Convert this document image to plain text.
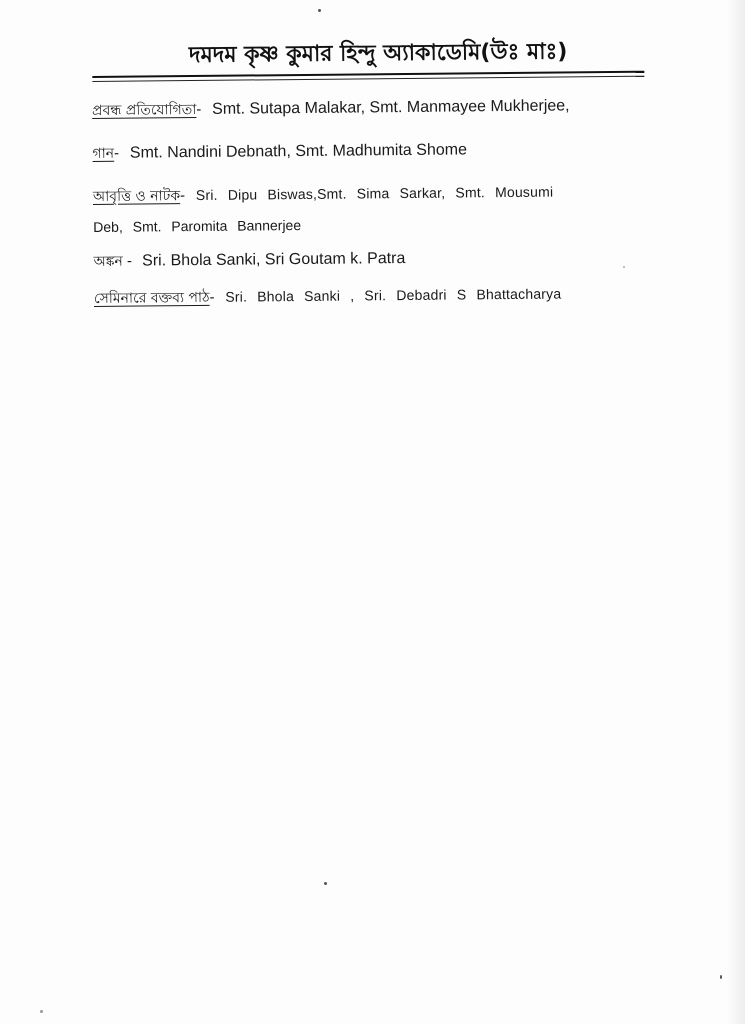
দমদম কৃষ্ণ কুমার হিন্দু অ্যাকাডেমি(উঃ মাঃ)
প্রবন্ধ প্রতিযোগিতা- Smt. Sutapa Malakar, Smt. Manmayee Mukherjee,
গান- Smt. Nandini Debnath, Smt. Madhumita Shome
আবৃত্তি ও নাটক- Sri. Dipu Biswas,Smt. Sima Sarkar, Smt. Mousumi
Deb, Smt. Paromita Bannerjee
অঙ্কন - Sri. Bhola Sanki, Sri Goutam k. Patra
সেমিনারে বক্তব্য পাঠ- Sri. Bhola Sanki , Sri. Debadri S Bhattacharya
